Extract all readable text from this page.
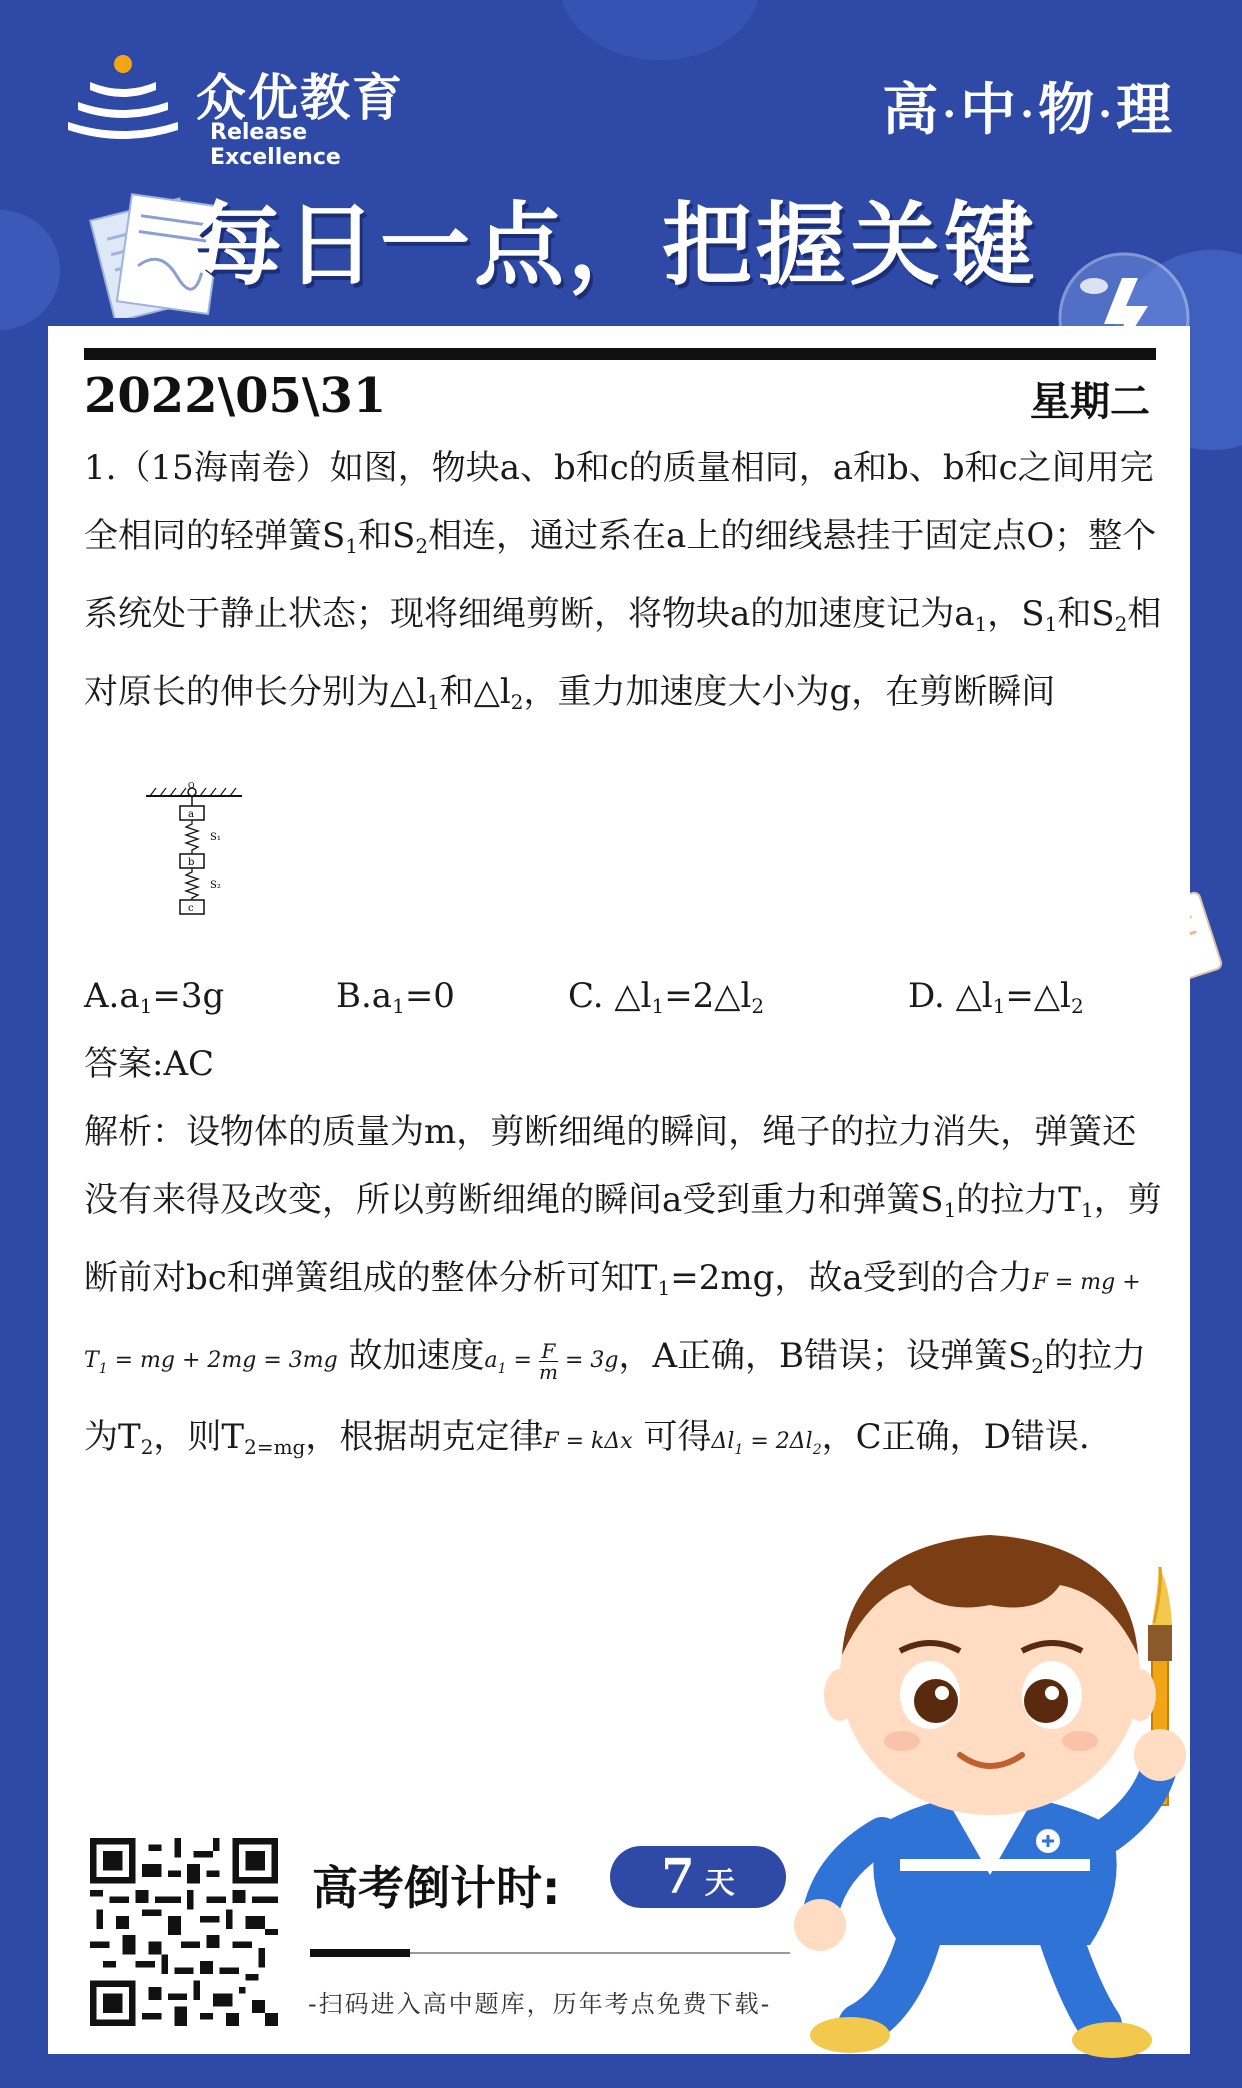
众优教育
Release Excellence
高·中·物·理
每日一点，把握关键
2022\05\31	星期二
1.（15海南卷）如图，物块a、b和c的质量相同，a和b、b和c之间用完全相同的轻弹簧$S_1$和$S_2$相连，通过系在a上的细线悬挂于固定点O；整个系统处于静止状态；现将细绳剪断，将物块a的加速度记为$a_1$，$S_1$和$S_2$相对原长的伸长分别为$\triangle l_1$和$\triangle l_2$，重力加速度大小为g，在剪断瞬间
O
a
S₁
b
S₂
c
$A.a_1=3g$	$B.a_1=0$	C. $\triangle l_1=2\triangle l_2$	D. $\triangle l_1=\triangle l_2$
答案:AC
解析：设物体的质量为m，剪断细绳的瞬间，绳子的拉力消失，弹簧还没有来得及改变，所以剪断细绳的瞬间a受到重力和弹簧$S_1$的拉力$T_1$，剪断前对bc和弹簧组成的整体分析可知$T_1=2mg$，故a受到的合力F = mg + $T_1$ = mg + 2mg = 3mg 故加速度$a_1 = \frac{F}{m} = 3g$，A正确，B错误；设弹簧$S_2$的拉力为$T_2$，则$T_{2=mg}$，根据胡克定律F = kΔx 可得$\Delta l_1 = 2\Delta l_2$，C正确，D错误.
高考倒计时:	7 天
-扫码进入高中题库，历年考点免费下载-
